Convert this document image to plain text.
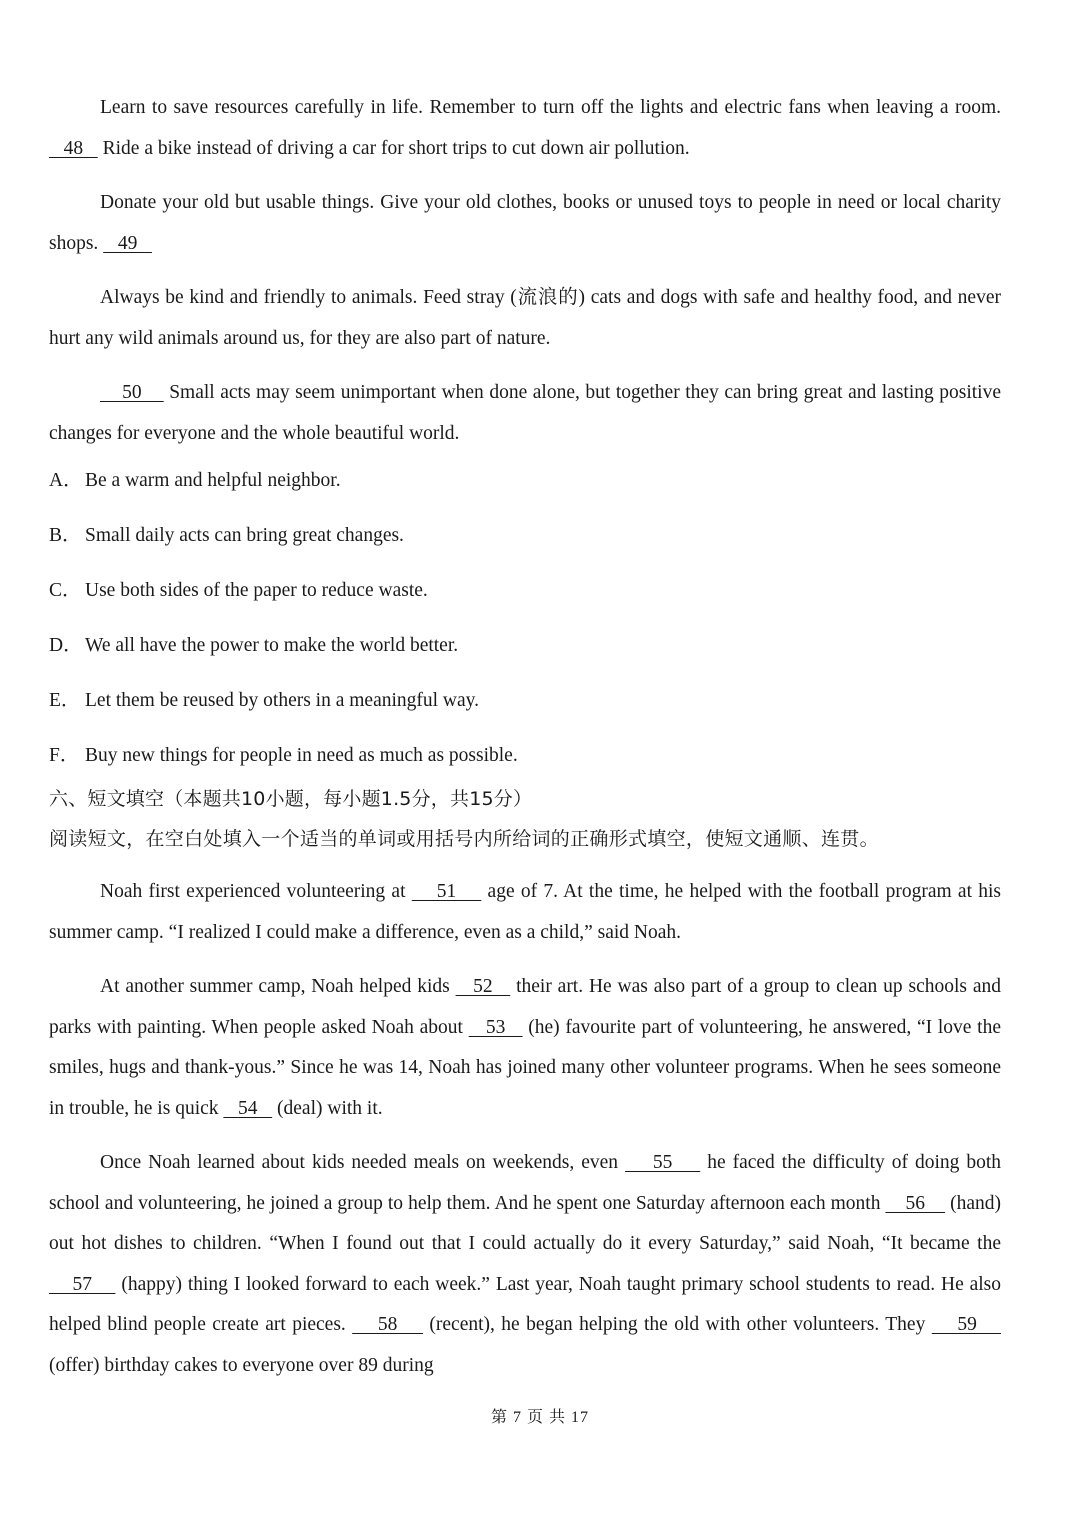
Learn to save resources carefully in life. Remember to turn off the lights and electric fans when leaving a room.    48    Ride a bike instead of driving a car for short trips to cut down air pollution.

Donate your old but usable things. Give your old clothes, books or unused toys to people in need or local charity shops.    49

Always be kind and friendly to animals. Feed stray (流浪的) cats and dogs with safe and healthy food, and never hurt any wild animals around us, for they are also part of nature.

50     Small acts may seem unimportant when done alone, but together they can bring great and lasting positive changes for everyone and the whole beautiful world.

A． Be a warm and helpful neighbor.
B． Small daily acts can bring great changes.
C． Use both sides of the paper to reduce waste.
D． We all have the power to make the world better.
E． Let them be reused by others in a meaningful way.
F． Buy new things for people in need as much as possible.
六、短文填空（本题共10小题，每小题1.5分，共15分）
阅读短文，在空白处填入一个适当的单词或用括号内所给词的正确形式填空，使短文通顺、连贯。

Noah first experienced volunteering at     51     age of 7. At the time, he helped with the football program at his summer camp. “I realized I could make a difference, even as a child,” said Noah.

At another summer camp, Noah helped kids    52    their art. He was also part of a group to clean up schools and parks with painting. When people asked Noah about    53    (he) favourite part of volunteering, he answered, “I love the smiles, hugs and thank-yous.” Since he was 14, Noah has joined many other volunteer programs. When he sees someone in trouble, he is quick    54    (deal) with it.

Once Noah learned about kids needed meals on weekends, even     55     he faced the difficulty of doing both school and volunteering, he joined a group to help them. And he spent one Saturday afternoon each month     56     (hand) out hot dishes to children. “When I found out that I could actually do it every Saturday,” said Noah, “It became the     57     (happy) thing I looked forward to each week.” Last year, Noah taught primary school students to read. He also helped blind people create art pieces.     58     (recent), he began helping the old with other volunteers. They     59     (offer) birthday cakes to everyone over 89 during

第 7 页 共 17
